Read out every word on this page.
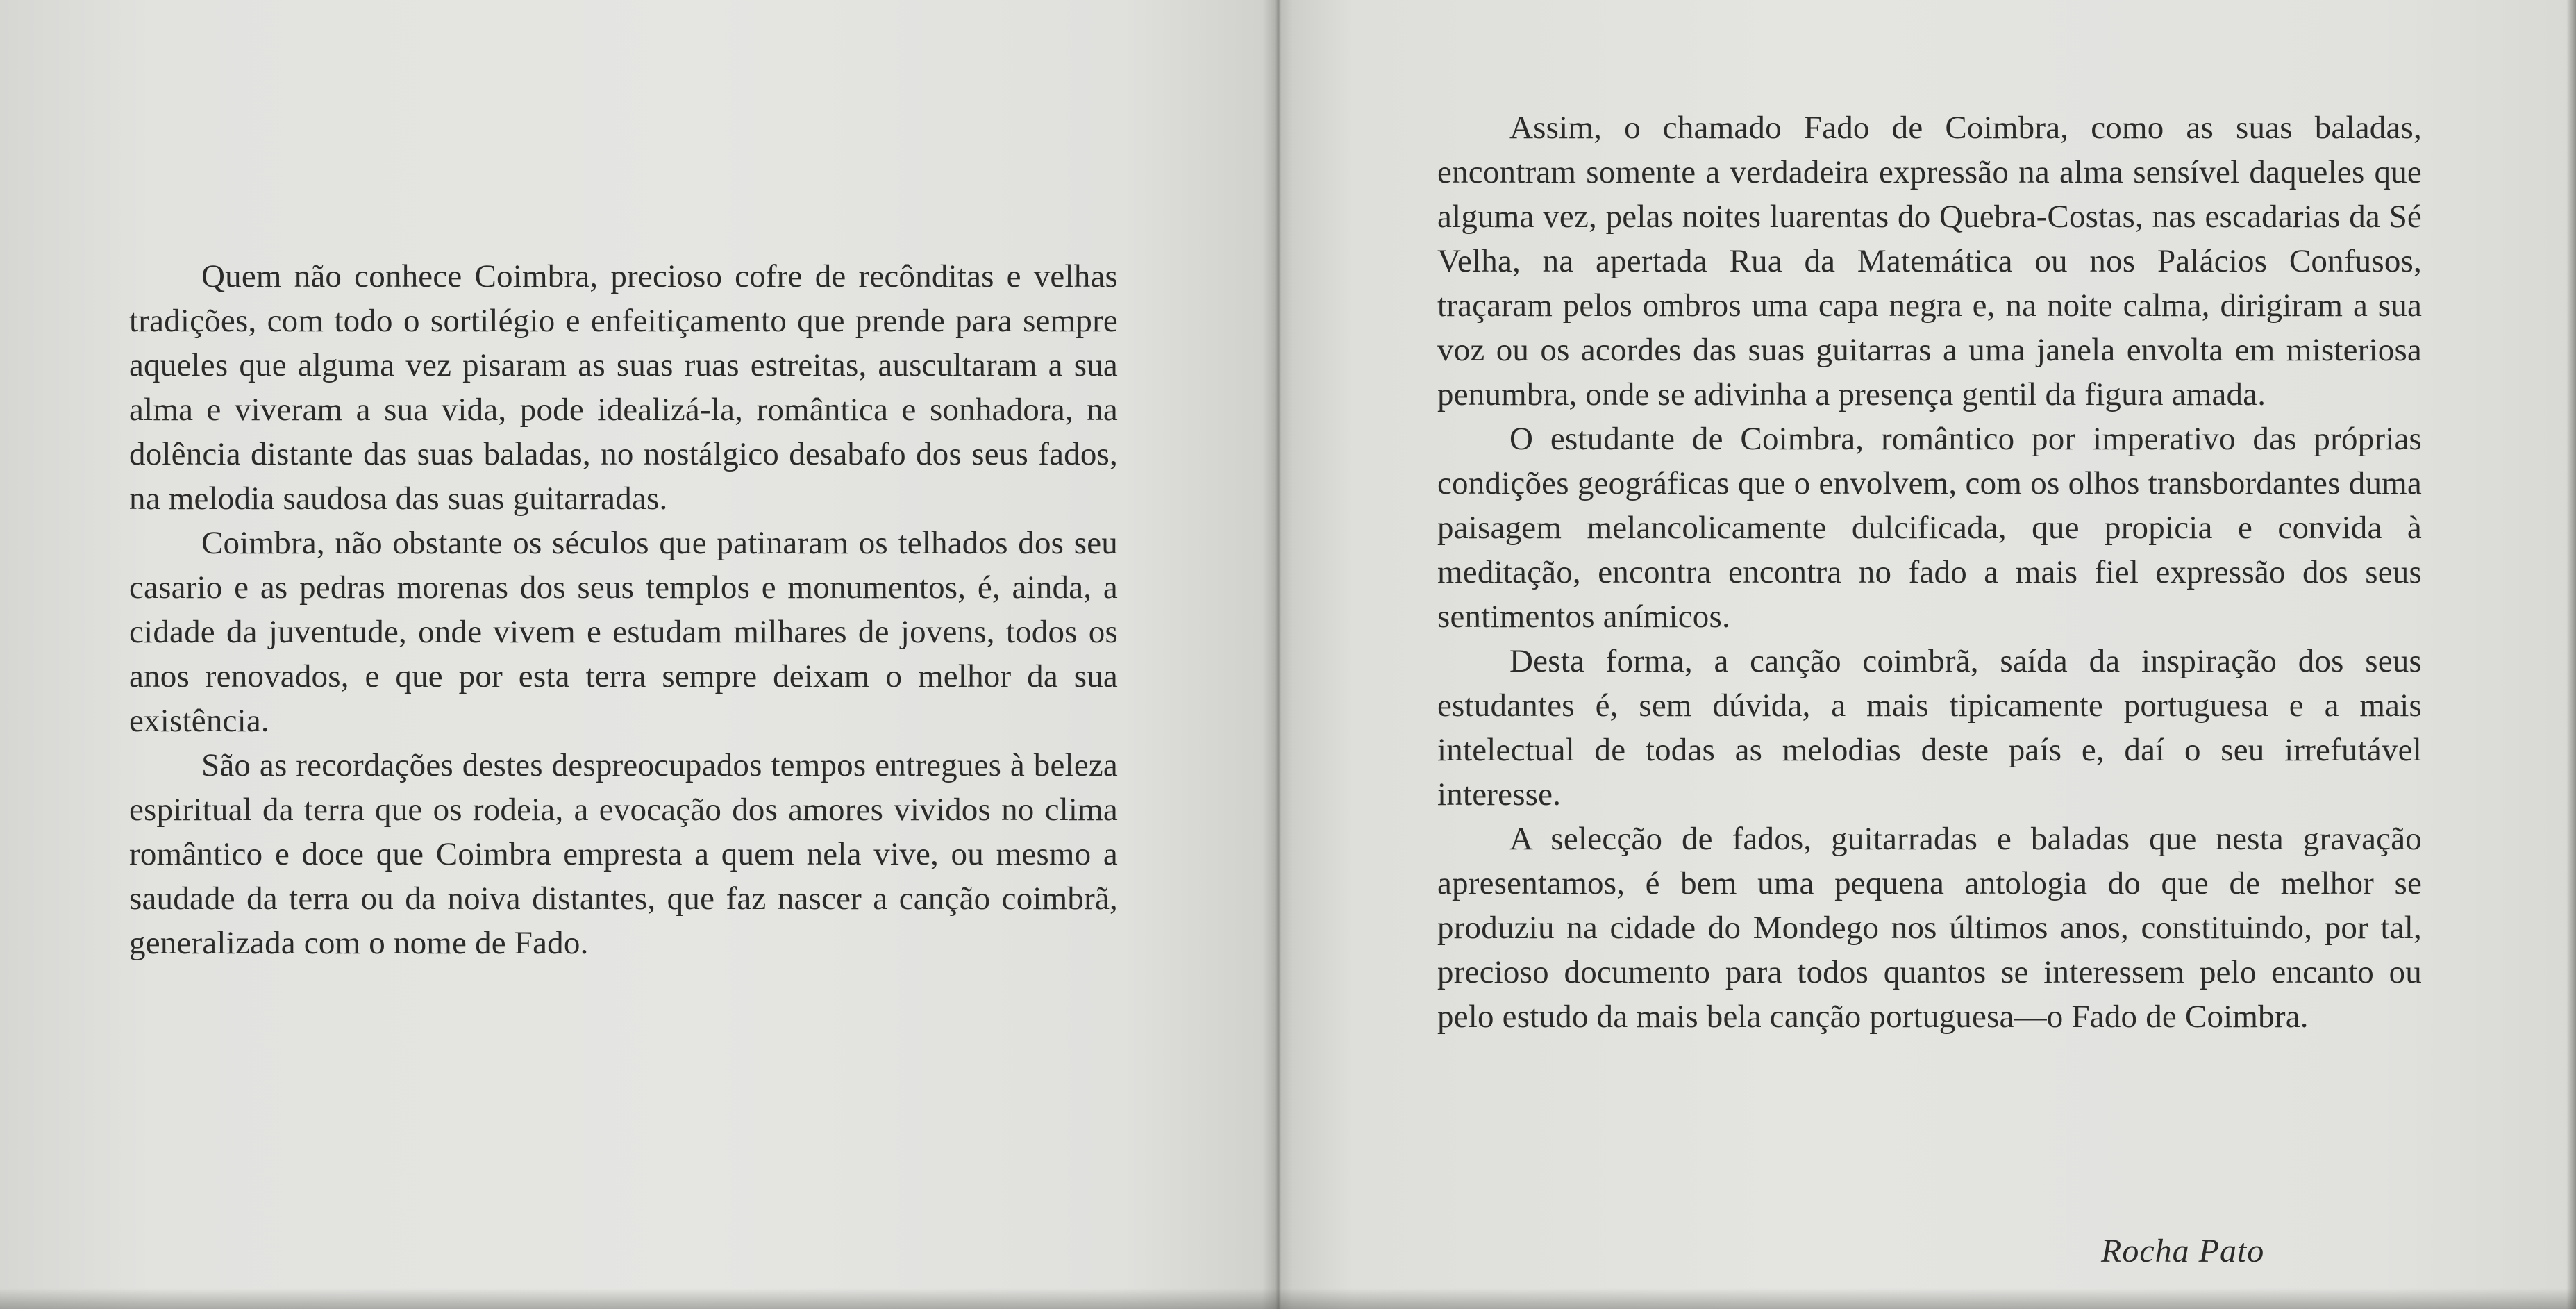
Quem não conhece Coimbra, precioso cofre de recônditas e velhas tradições, com todo o sortilégio e enfeitiçamento que prende para sempre aqueles que alguma vez pisaram as suas ruas estreitas, auscultaram a sua alma e viveram a sua vida, pode idealizá-la, romântica e sonhadora, na dolência distante das suas baladas, no nostálgico desabafo dos seus fados, na melodia saudosa das suas guitarradas.

Coimbra, não obstante os séculos que patinaram os telhados dos seu casario e as pedras morenas dos seus templos e monumentos, é, ainda, a cidade da juventude, onde vivem e estudam milhares de jovens, todos os anos renovados, e que por esta terra sempre deixam o melhor da sua existência.

São as recordações destes despreocupados tempos entregues à beleza espiritual da terra que os rodeia, a evocação dos amores vividos no clima romântico e doce que Coimbra empresta a quem nela vive, ou mesmo a saudade da terra ou da noiva distantes, que faz nascer a canção coimbrã, generalizada com o nome de Fado.

Assim, o chamado Fado de Coimbra, como as suas baladas, encontram somente a verdadeira expressão na alma sensível daqueles que alguma vez, pelas noites luarentas do Quebra-Costas, nas escadarias da Sé Velha, na apertada Rua da Matemática ou nos Palácios Confusos, traçaram pelos ombros uma capa negra e, na noite calma, dirigiram a sua voz ou os acordes das suas guitarras a uma janela envolta em misteriosa penumbra, onde se adivinha a presença gentil da figura amada.

O estudante de Coimbra, romântico por imperativo das próprias condições geográficas que o envolvem, com os olhos transbordantes duma paisagem melancolicamente dulcificada, que propicia e convida à meditação, encontra encontra no fado a mais fiel expressão dos seus sentimentos anímicos.

Desta forma, a canção coimbrã, saída da inspiração dos seus estudantes é, sem dúvida, a mais tipicamente portuguesa e a mais intelectual de todas as melodias deste país e, daí o seu irrefutável interesse.

A selecção de fados, guitarradas e baladas que nesta gravação apresentamos, é bem uma pequena antologia do que de melhor se produziu na cidade do Mondego nos últimos anos, constituindo, por tal, precioso documento para todos quantos se interessem pelo encanto ou pelo estudo da mais bela canção portuguesa—o Fado de Coimbra.

Rocha Pato
